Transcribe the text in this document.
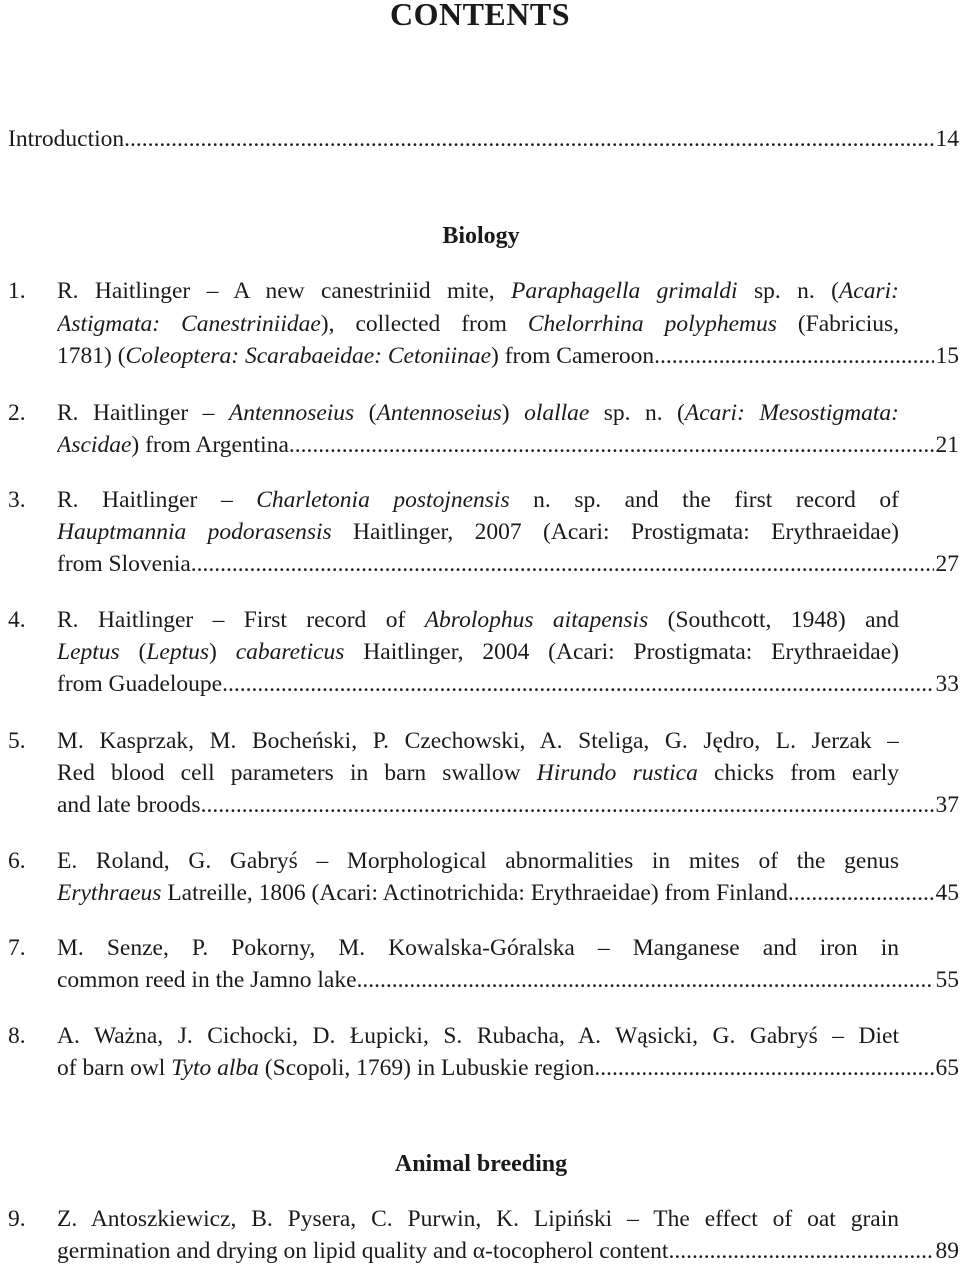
CONTENTS
Introduction .....	14
Biology
1. R. Haitlinger – A new canestriniid mite, Paraphagella grimaldi sp. n. (Acari:
Astigmata: Canestriniidae), collected from Chelorrhina polyphemus (Fabricius,
1781) (Coleoptera: Scarabaeidae: Cetoniinae) from Cameroon .....	15
2. R. Haitlinger – Antennoseius (Antennoseius) olallae sp. n. (Acari: Mesostigmata:
Ascidae) from Argentina .....	21
3. R. Haitlinger – Charletonia postojnensis n. sp. and the first record of
Hauptmannia podorasensis Haitlinger, 2007 (Acari: Prostigmata: Erythraeidae)
from Slovenia .....	27
4. R. Haitlinger – First record of Abrolophus aitapensis (Southcott, 1948) and
Leptus (Leptus) cabareticus Haitlinger, 2004 (Acari: Prostigmata: Erythraeidae)
from Guadeloupe .....	33
5. M. Kasprzak, M. Bocheński, P. Czechowski, A. Steliga, G. Jędro, L. Jerzak –
Red blood cell parameters in barn swallow Hirundo rustica chicks from early
and late broods .....	37
6. E. Roland, G. Gabryś – Morphological abnormalities in mites of the genus
Erythraeus Latreille, 1806 (Acari: Actinotrichida: Erythraeidae) from Finland .....	45
7. M. Senze, P. Pokorny, M. Kowalska-Góralska – Manganese and iron in
common reed in the Jamno lake .....	55
8. A. Ważna, J. Cichocki, D. Łupicki, S. Rubacha, A. Wąsicki, G. Gabryś – Diet
of barn owl Tyto alba (Scopoli, 1769) in Lubuskie region .....	65
Animal breeding
9. Z. Antoszkiewicz, B. Pysera, C. Purwin, K. Lipiński – The effect of oat grain
germination and drying on lipid quality and α-tocopherol content .....	89
